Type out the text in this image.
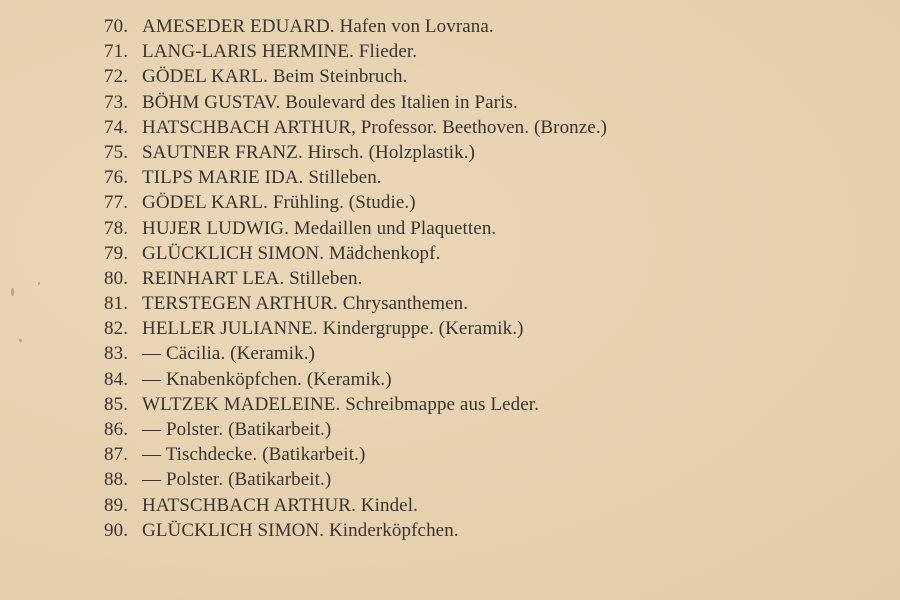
70. AMESEDER EDUARD. Hafen von Lovrana.
71. LANG-LARIS HERMINE. Flieder.
72. GÖDEL KARL. Beim Steinbruch.
73. BÖHM GUSTAV. Boulevard des Italien in Paris.
74. HATSCHBACH ARTHUR, Professor. Beethoven. (Bronze.)
75. SAUTNER FRANZ. Hirsch. (Holzplastik.)
76. TILPS MARIE IDA. Stilleben.
77. GÖDEL KARL. Frühling. (Studie.)
78. HUJER LUDWIG. Medaillen und Plaquetten.
79. GLÜCKLICH SIMON. Mädchenkopf.
80. REINHART LEA. Stilleben.
81. TERSTEGEN ARTHUR. Chrysanthemen.
82. HELLER JULIANNE. Kindergruppe. (Keramik.)
83. — Cäcilia. (Keramik.)
84. — Knabenköpfchen. (Keramik.)
85. WLTZEK MADELEINE. Schreibmappe aus Leder.
86. — Polster. (Batikarbeit.)
87. — Tischdecke. (Batikarbeit.)
88. — Polster. (Batikarbeit.)
89. HATSCHBACH ARTHUR. Kindel.
90. GLÜCKLICH SIMON. Kinderköpfchen.
